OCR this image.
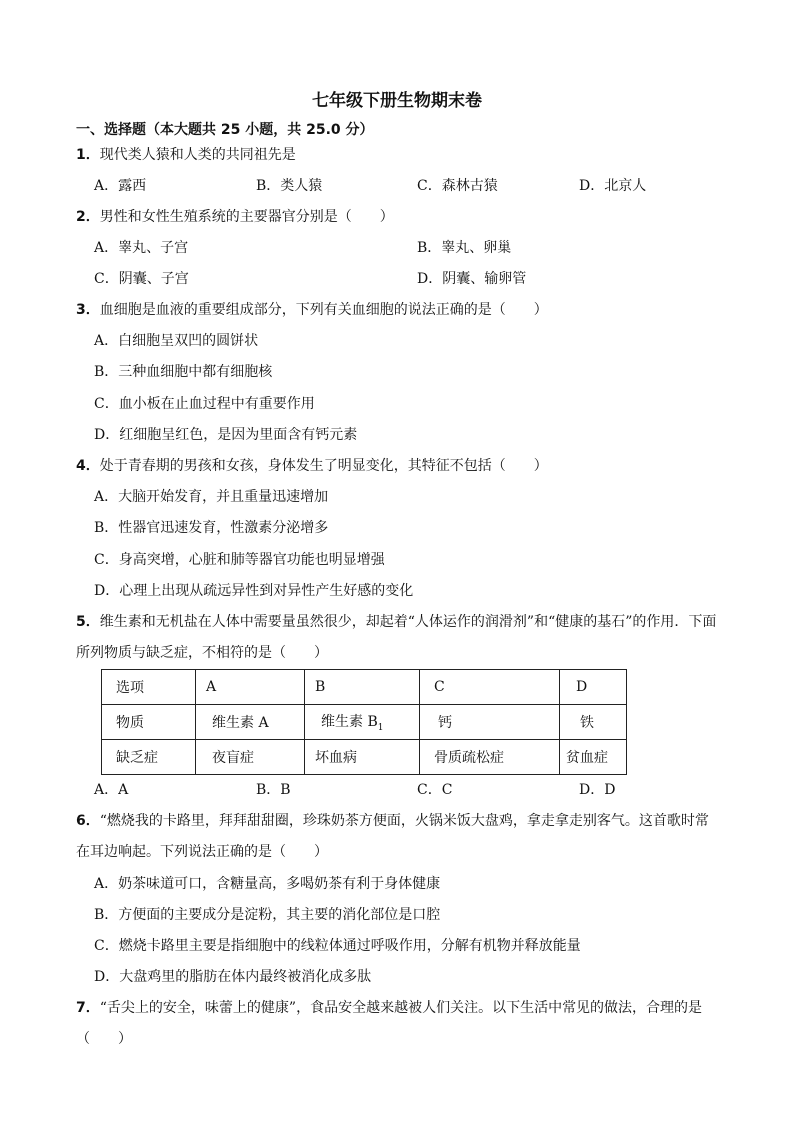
七年级下册生物期末卷
一、选择题（本大题共 25 小题，共 25.0 分）
1．现代类人猿和人类的共同祖先是
A．露西	B．类人猿	C．森林古猿	D．北京人
2．男性和女性生殖系统的主要器官分别是（　　）
A．睾丸、子宫	B．睾丸、卵巢
C．阴囊、子宫	D．阴囊、输卵管
3．血细胞是血液的重要组成部分，下列有关血细胞的说法正确的是（　　）
A．白细胞呈双凹的圆饼状
B．三种血细胞中都有细胞核
C．血小板在止血过程中有重要作用
D．红细胞呈红色，是因为里面含有钙元素
4．处于青春期的男孩和女孩，身体发生了明显变化，其特征不包括（　　）
A．大脑开始发育，并且重量迅速增加
B．性器官迅速发育，性激素分泌增多
C．身高突增，心脏和肺等器官功能也明显增强
D．心理上出现从疏远异性到对异性产生好感的变化
5．维生素和无机盐在人体中需要量虽然很少，却起着“人体运作的润滑剂”和“健康的基石”的作用．下面
所列物质与缺乏症，不相符的是（　　）
选项	A	B	C	D
物质	维生素 A	维生素 $B_1$	钙	铁
缺乏症	夜盲症	坏血病	骨质疏松症	贫血症
A．A	B．B	C．C	D．D
6．“燃烧我的卡路里，拜拜甜甜圈，珍珠奶茶方便面，火锅米饭大盘鸡，拿走拿走别客气。这首歌时常
在耳边响起。下列说法正确的是（　　）
A．奶茶味道可口，含糖量高，多喝奶茶有利于身体健康
B．方便面的主要成分是淀粉，其主要的消化部位是口腔
C．燃烧卡路里主要是指细胞中的线粒体通过呼吸作用，分解有机物并释放能量
D．大盘鸡里的脂肪在体内最终被消化成多肽
7．“舌尖上的安全，味蕾上的健康”，食品安全越来越被人们关注。以下生活中常见的做法，合理的是
（　　）
